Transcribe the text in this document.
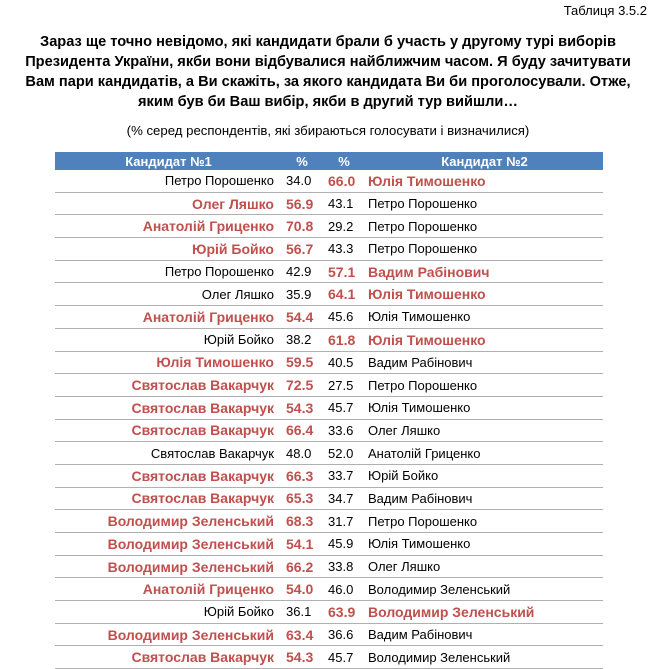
Таблиця 3.5.2
Зараз ще точно невідомо, які кандидати брали б участь у другому турі виборів Президента України, якби вони відбувалися найближчим часом. Я буду зачитувати Вам пари кандидатів, а Ви скажіть, за якого кандидата Ви би проголосували. Отже, яким був би Ваш вибір, якби в другий тур вийшли…
(% серед респондентів, які збираються голосувати і визначилися)
Кандидат №1	%	%	Кандидат №2
Петро Порошенко	34.0	66.0	Юлія Тимошенко
Олег Ляшко	56.9	43.1	Петро Порошенко
Анатолій Гриценко	70.8	29.2	Петро Порошенко
Юрій Бойко	56.7	43.3	Петро Порошенко
Петро Порошенко	42.9	57.1	Вадим Рабінович
Олег Ляшко	35.9	64.1	Юлія Тимошенко
Анатолій Гриценко	54.4	45.6	Юлія Тимошенко
Юрій Бойко	38.2	61.8	Юлія Тимошенко
Юлія Тимошенко	59.5	40.5	Вадим Рабінович
Святослав Вакарчук	72.5	27.5	Петро Порошенко
Святослав Вакарчук	54.3	45.7	Юлія Тимошенко
Святослав Вакарчук	66.4	33.6	Олег Ляшко
Святослав Вакарчук	48.0	52.0	Анатолій Гриценко
Святослав Вакарчук	66.3	33.7	Юрій Бойко
Святослав Вакарчук	65.3	34.7	Вадим Рабінович
Володимир Зеленський	68.3	31.7	Петро Порошенко
Володимир Зеленський	54.1	45.9	Юлія Тимошенко
Володимир Зеленський	66.2	33.8	Олег Ляшко
Анатолій Гриценко	54.0	46.0	Володимир Зеленський
Юрій Бойко	36.1	63.9	Володимир Зеленський
Володимир Зеленський	63.4	36.6	Вадим Рабінович
Святослав Вакарчук	54.3	45.7	Володимир Зеленський
